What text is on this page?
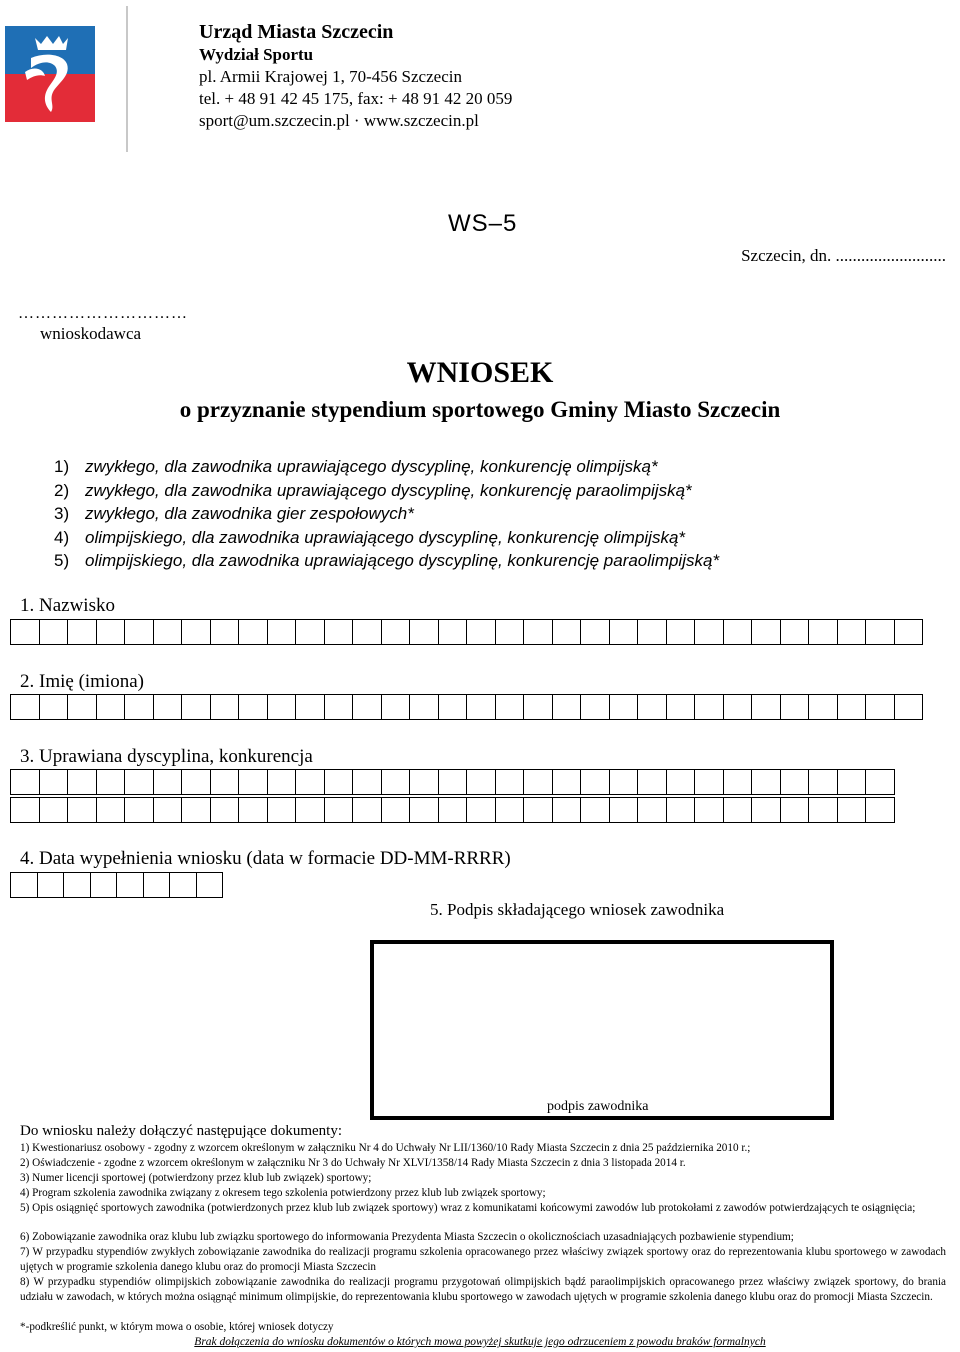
Urząd Miasta Szczecin
Wydział Sportu
pl. Armii Krajowej 1, 70-456 Szczecin
tel. + 48 91 42 45 175, fax: + 48 91 42 20 059
sport@um.szczecin.pl · www.szczecin.pl
WS–5
Szczecin, dn. ..........................
…………………………
wnioskodawca
WNIOSEK
o przyznanie stypendium sportowego Gminy Miasto Szczecin
1) zwykłego, dla zawodnika uprawiającego dyscyplinę, konkurencję olimpijską*
2) zwykłego, dla zawodnika uprawiającego dyscyplinę, konkurencję paraolimpijską*
3) zwykłego, dla zawodnika gier zespołowych*
4) olimpijskiego, dla zawodnika uprawiającego dyscyplinę, konkurencję olimpijską*
5) olimpijskiego, dla zawodnika uprawiającego dyscyplinę, konkurencję paraolimpijską*
1. Nazwisko
2. Imię (imiona)
3. Uprawiana dyscyplina, konkurencja
4. Data wypełnienia wniosku (data w formacie DD-MM-RRRR)
5. Podpis składającego wniosek zawodnika
podpis zawodnika
Do wniosku należy dołączyć następujące dokumenty:
1) Kwestionariusz osobowy - zgodny z wzorcem określonym w załączniku Nr 4 do Uchwały Nr LII/1360/10 Rady Miasta Szczecin z dnia 25 października 2010 r.;
2) Oświadczenie - zgodne z wzorcem określonym w załączniku Nr 3 do Uchwały Nr XLVI/1358/14 Rady Miasta Szczecin z dnia 3 listopada 2014 r.
3) Numer licencji sportowej (potwierdzony przez klub lub związek) sportowy;
4) Program szkolenia zawodnika związany z okresem tego szkolenia potwierdzony przez klub lub związek sportowy;
5) Opis osiągnięć sportowych zawodnika (potwierdzonych przez klub lub związek sportowy) wraz z komunikatami końcowymi zawodów lub protokołami z zawodów potwierdzających te osiągnięcia;
6) Zobowiązanie zawodnika oraz klubu lub związku sportowego do informowania Prezydenta Miasta Szczecin o okolicznościach uzasadniających pozbawienie stypendium;
7) W przypadku stypendiów zwykłych zobowiązanie zawodnika do realizacji programu szkolenia opracowanego przez właściwy związek sportowy oraz do reprezentowania klubu sportowego w zawodach ujętych w programie szkolenia danego klubu oraz do promocji Miasta Szczecin
8) W przypadku stypendiów olimpijskich zobowiązanie zawodnika do realizacji programu przygotowań olimpijskich bądź paraolimpijskich opracowanego przez właściwy związek sportowy, do brania udziału w zawodach, w których można osiągnąć minimum olimpijskie, do reprezentowania klubu sportowego w zawodach ujętych w programie szkolenia danego klubu oraz do promocji Miasta Szczecin.
*-podkreślić punkt, w którym mowa o osobie, której wniosek dotyczy
Brak dołączenia do wniosku dokumentów o których mowa powyżej skutkuje jego odrzuceniem z powodu braków formalnych
